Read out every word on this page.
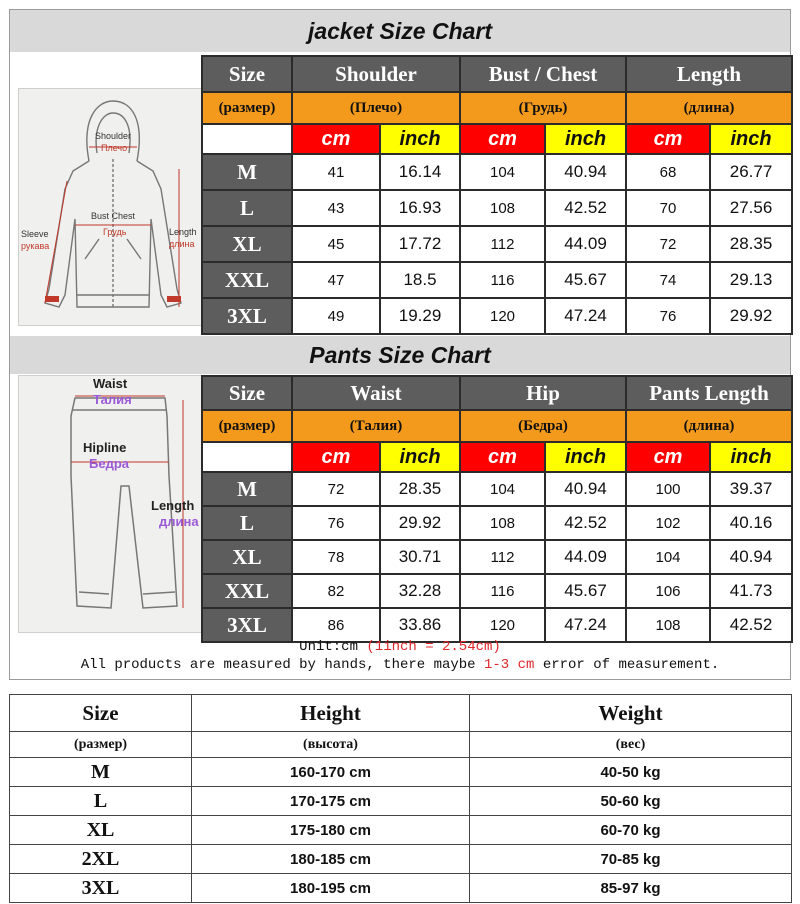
jacket Size Chart
Shoulder
Плечо
Bust Chest
Грудь
Sleeve
рукава
Length
длина
Size	Shoulder		Bust / Chest		Length	
(размер)	(Плечо)		(Грудь)		(длина)	
	cm	inch	cm	inch	cm	inch
M	41	16.14	104	40.94	68	26.77
L	43	16.93	108	42.52	70	27.56
XL	45	17.72	112	44.09	72	28.35
XXL	47	18.5	116	45.67	74	29.13
3XL	49	19.29	120	47.24	76	29.92
Pants Size Chart
Waist
Талия
Hipline
Бедра
Length
длина
Size	Waist		Hip		Pants Length	
(размер)	(Талия)		(Бедра)		(длина)	
	cm	inch	cm	inch	cm	inch
M	72	28.35	104	40.94	100	39.37
L	76	29.92	108	42.52	102	40.16
XL	78	30.71	112	44.09	104	40.94
XXL	82	32.28	116	45.67	106	41.73
3XL	86	33.86	120	47.24	108	42.52
Unit:cm (1inch = 2.54cm)
All products are measured by hands, there maybe 1-3 cm error of measurement.
Size	Height	Weight
(размер)	(высота)	(вес)
M	160-170 cm	40-50 kg
L	170-175 cm	50-60 kg
XL	175-180 cm	60-70 kg
2XL	180-185 cm	70-85 kg
3XL	180-195 cm	85-97 kg
